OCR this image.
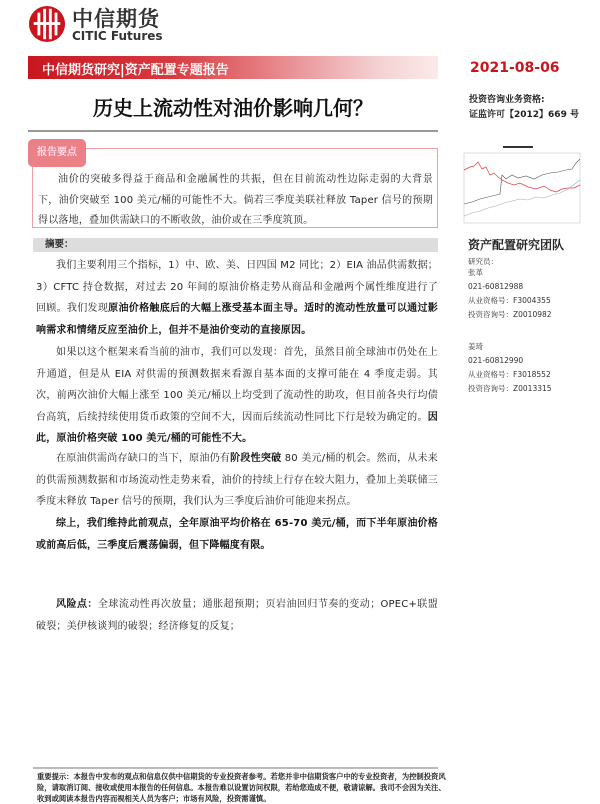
中信期货
CITIC Futures
中信期货研究|资产配置专题报告	2021-08-06
历史上流动性对油价影响几何？	投资咨询业务资格:
证监许可【2012】669 号
报告要点
油价的突破多得益于商品和金融属性的共振，但在目前流动性边际走弱的大背景下，油价突破至 100 美元/桶的可能性不大。倘若三季度美联社释放 Taper 信号的预期得以落地，叠加供需缺口的不断收敛，油价或在三季度筑顶。
摘要：
我们主要利用三个指标，1）中、欧、美、日四国 M2 同比；2）EIA 油品供需数据；3）CFTC 持仓数据，对过去 20 年间的原油价格走势从商品和金融两个属性维度进行了回顾。我们发现原油价格触底后的大幅上涨受基本面主导。适时的流动性放量可以通过影响需求和情绪反应至油价上，但并不是油价变动的直接原因。
如果以这个框架来看当前的油市，我们可以发现：首先，虽然目前全球油市仍处在上升通道，但是从 EIA 对供需的预测数据来看源自基本面的支撑可能在 4 季度走弱。其次，前两次油价大幅上涨至 100 美元/桶以上均受到了流动性的助攻，但目前各央行均债台高筑，后续持续使用货币政策的空间不大，因而后续流动性同比下行是较为确定的。因此，原油价格突破 100 美元/桶的可能性不大。
在原油供需尚存缺口的当下，原油仍有阶段性突破 80 美元/桶的机会。然而，从未来的供需预测数据和市场流动性走势来看，油价的持续上行存在较大阻力，叠加上美联储三季度末释放 Taper 信号的预期，我们认为三季度后油价可能迎来拐点。
综上，我们维持此前观点，全年原油平均价格在 65-70 美元/桶，而下半年原油价格或前高后低，三季度后震荡偏弱，但下降幅度有限。
风险点：全球流动性再次放量；通胀超预期；页岩油回归节奏的变动；OPEC+联盟破裂；美伊核谈判的破裂；经济修复的反复；
资产配置研究团队
研究员：
张革
021-60812988
从业资格号：F3004355
投资咨询号：Z0010982
姜琦
021-60812990
从业资格号：F3018552
投资咨询号：Z0013315
重要提示：本报告中发布的观点和信息仅供中信期货的专业投资者参考。若您并非中信期货客户中的专业投资者，为控制投资风险，请取消订阅、接收或使用本报告的任何信息。本报告难以设置访问权限，若给您造成不便，敬请谅解。我司不会因为关注、收到或阅读本报告内容而视相关人员为客户；市场有风险，投资需谨慎。
